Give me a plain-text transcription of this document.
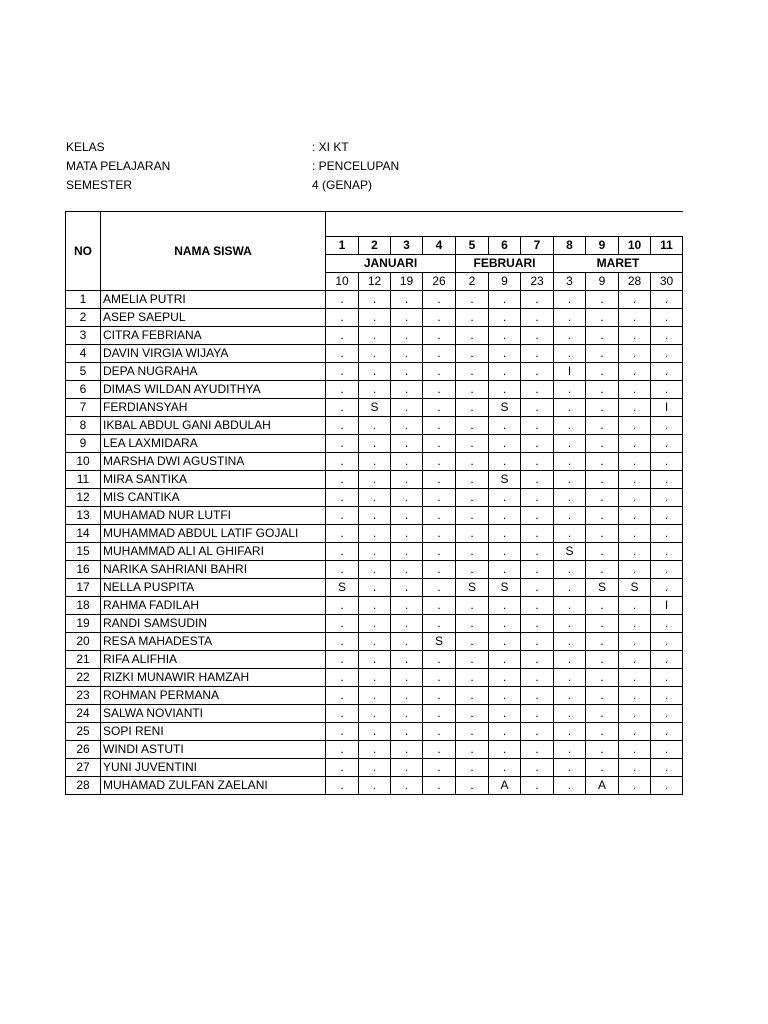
KELAS	: XI KT
MATA PELAJARAN	: PENCELUPAN
SEMESTER	4 (GENAP)
NO	NAMA SISWA											
		1	2	3	4	5	6	7	8	9	10	11
		JANUARI				FEBRUARI			MARET			
		10	12	19	26	2	9	23	3	9	28	30
1	AMELIA PUTRI	.	.	.	.	.	.	.	.	.	.	.
2	ASEP SAEPUL	.	.	.	.	.	.	.	.	.	.	.
3	CITRA FEBRIANA	.	.	.	.	.	.	.	.	.	.	.
4	DAVIN VIRGIA WIJAYA	.	.	.	.	.	.	.	.	.	.	.
5	DEPA NUGRAHA	.	.	.	.	.	.	.	I	.	.	.
6	DIMAS WILDAN AYUDITHYA	.	.	.	.	.	.	.	.	.	.	.
7	FERDIANSYAH	.	S	.	.	.	S	.	.	.	.	I
8	IKBAL ABDUL GANI ABDULAH	.	.	.	.	.	.	.	.	.	.	.
9	LEA LAXMIDARA	.	.	.	.	.	.	.	.	.	.	.
10	MARSHA DWI AGUSTINA	.	.	.	.	.	.	.	.	.	.	.
11	MIRA SANTIKA	.	.	.	.	.	S	.	.	.	.	.
12	MIS CANTIKA	.	.	.	.	.	.	.	.	.	.	.
13	MUHAMAD NUR LUTFI	.	.	.	.	.	.	.	.	.	.	.
14	MUHAMMAD ABDUL LATIF GOJALI	.	.	.	.	.	.	.	.	.	.	.
15	MUHAMMAD ALI AL GHIFARI	.	.	.	.	.	.	.	S	.	.	.
16	NARIKA SAHRIANI BAHRI	.	.	.	.	.	.	.	.	.	.	.
17	NELLA PUSPITA	S	.	.	.	S	S	.	.	S	S	.
18	RAHMA FADILAH	.	.	.	.	.	.	.	.	.	.	I
19	RANDI SAMSUDIN	.	.	.	.	.	.	.	.	.	.	.
20	RESA MAHADESTA	.	.	.	S	.	.	.	.	.	.	.
21	RIFA ALIFHIA	.	.	.	.	.	.	.	.	.	.	.
22	RIZKI MUNAWIR HAMZAH	.	.	.	.	.	.	.	.	.	.	.
23	ROHMAN PERMANA	.	.	.	.	.	.	.	.	.	.	.
24	SALWA NOVIANTI	.	.	.	.	.	.	.	.	.	.	.
25	SOPI RENI	.	.	.	.	.	.	.	.	.	.	.
26	WINDI ASTUTI	.	.	.	.	.	.	.	.	.	.	.
27	YUNI JUVENTINI	.	.	.	.	.	.	.	.	.	.	.
28	MUHAMAD ZULFAN ZAELANI	.	.	.	.	.	A	.	.	A	.	.
